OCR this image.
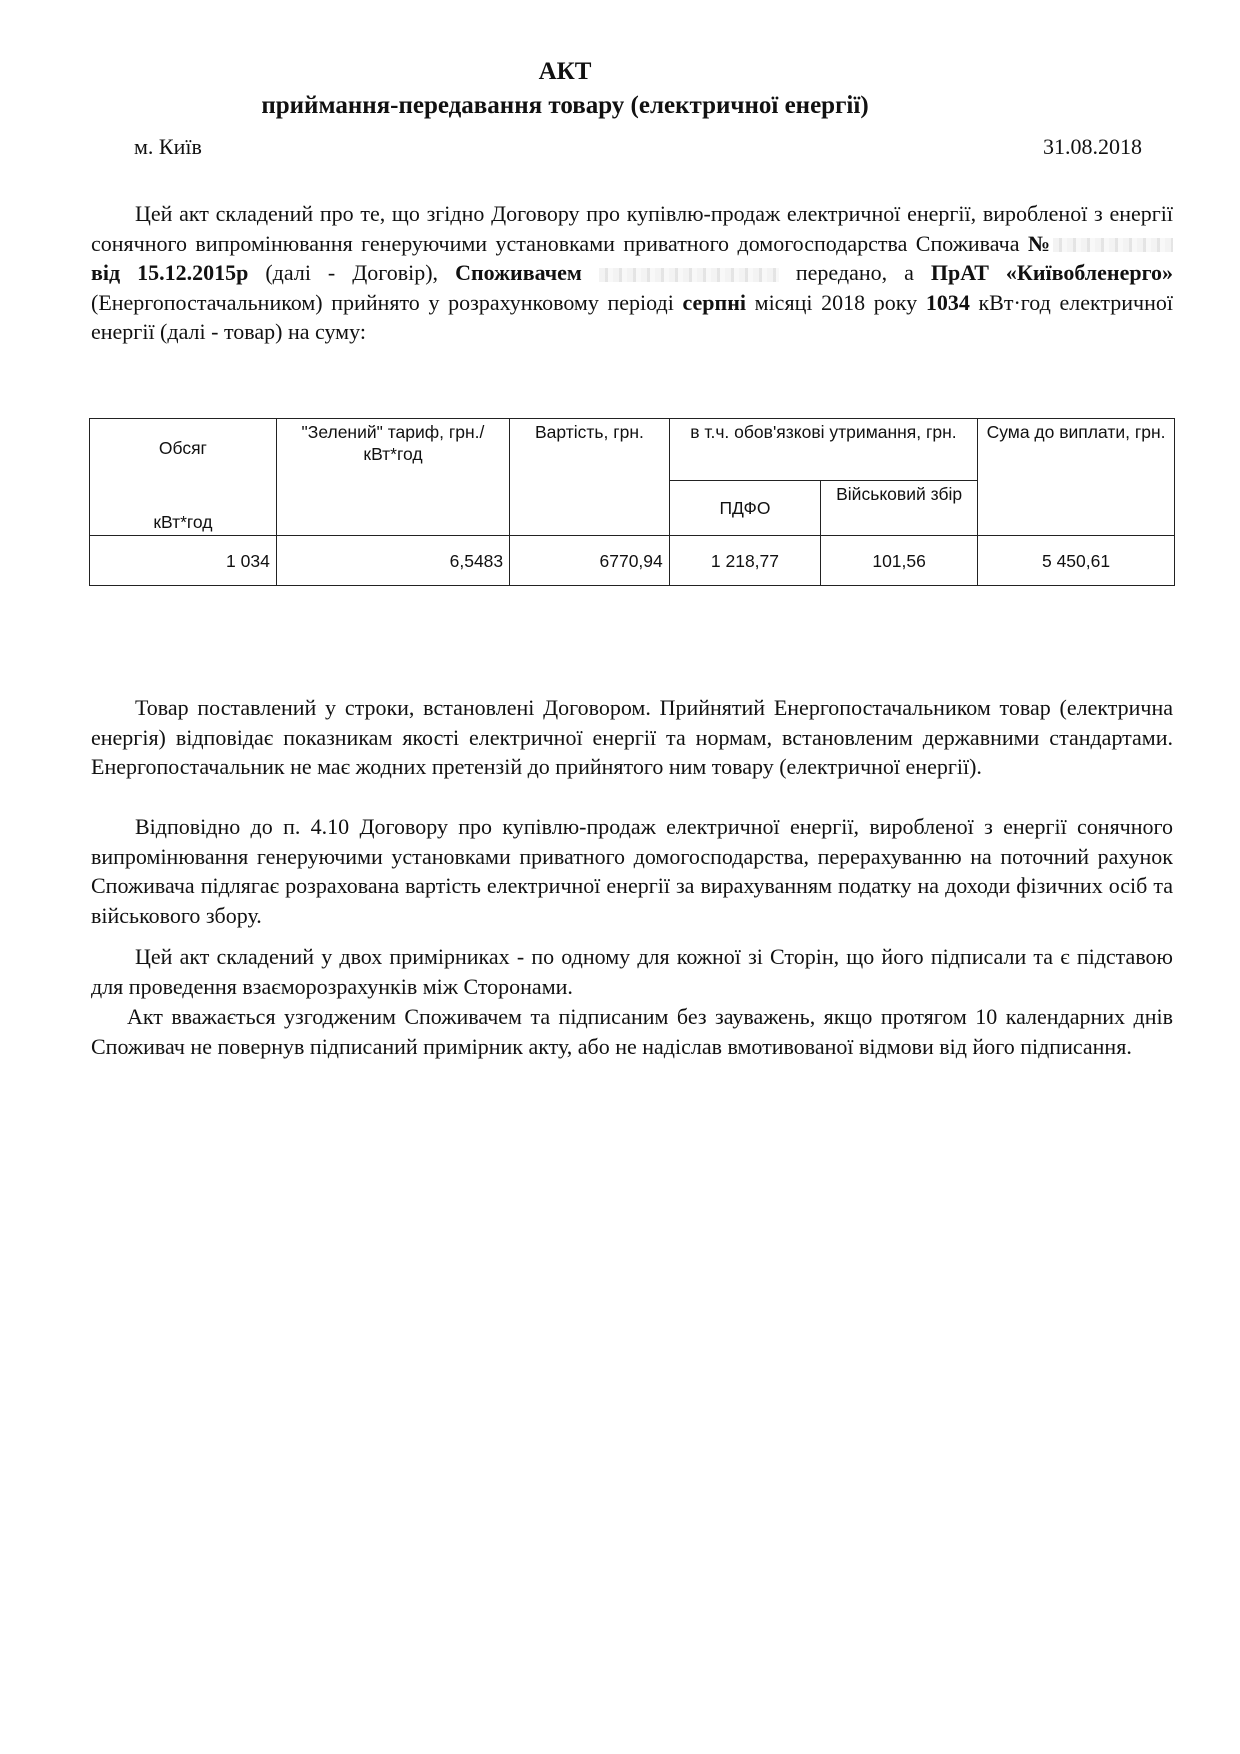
АКТ
приймання-передавання товару (електричної енергії)
м. Київ	31.08.2018

Цей акт складений про те, що згідно Договору про купівлю-продаж електричної енергії, виробленої з енергії сонячного випромінювання генеруючими установками приватного домогосподарства Споживача № від 15.12.2015р (далі - Договір), Споживачем	передано, а ПрАТ «Київобленерго» (Енергопостачальником) прийнято у розрахунковому періоді серпні місяці 2018 року 1034 кВт·год електричної енергії (далі - товар) на суму:

Обсяг
кВт*год	"Зелений" тариф, грн./кВт*год	Вартість, грн.	в т.ч. обов'язкові утримання, грн.		Сума до виплати, грн.
			ПДФО	Військовий збір	
1 034	6,5483	6770,94	1 218,77	101,56	5 450,61

Товар поставлений у строки, встановлені Договором. Прийнятий Енергопостачальником товар (електрична енергія) відповідає показникам якості електричної енергії та нормам, встановленим державними стандартами. Енергопостачальник не має жодних претензій до прийнятого ним товару (електричної енергії).

Відповідно до п. 4.10 Договору про купівлю-продаж електричної енергії, виробленої з енергії сонячного випромінювання генеруючими установками приватного домогосподарства, перерахуванню на поточний рахунок Споживача підлягає розрахована вартість електричної енергії за вирахуванням податку на доходи фізичних осіб та військового збору.

Цей акт складений у двох примірниках - по одному для кожної зі Сторін, що його підписали та є підставою для проведення взаєморозрахунків між Сторонами.

Акт вважається узгодженим Споживачем та підписаним без зауважень, якщо протягом 10 календарних днів Споживач не повернув підписаний примірник акту, або не надіслав вмотивованої відмови від його підписання.
